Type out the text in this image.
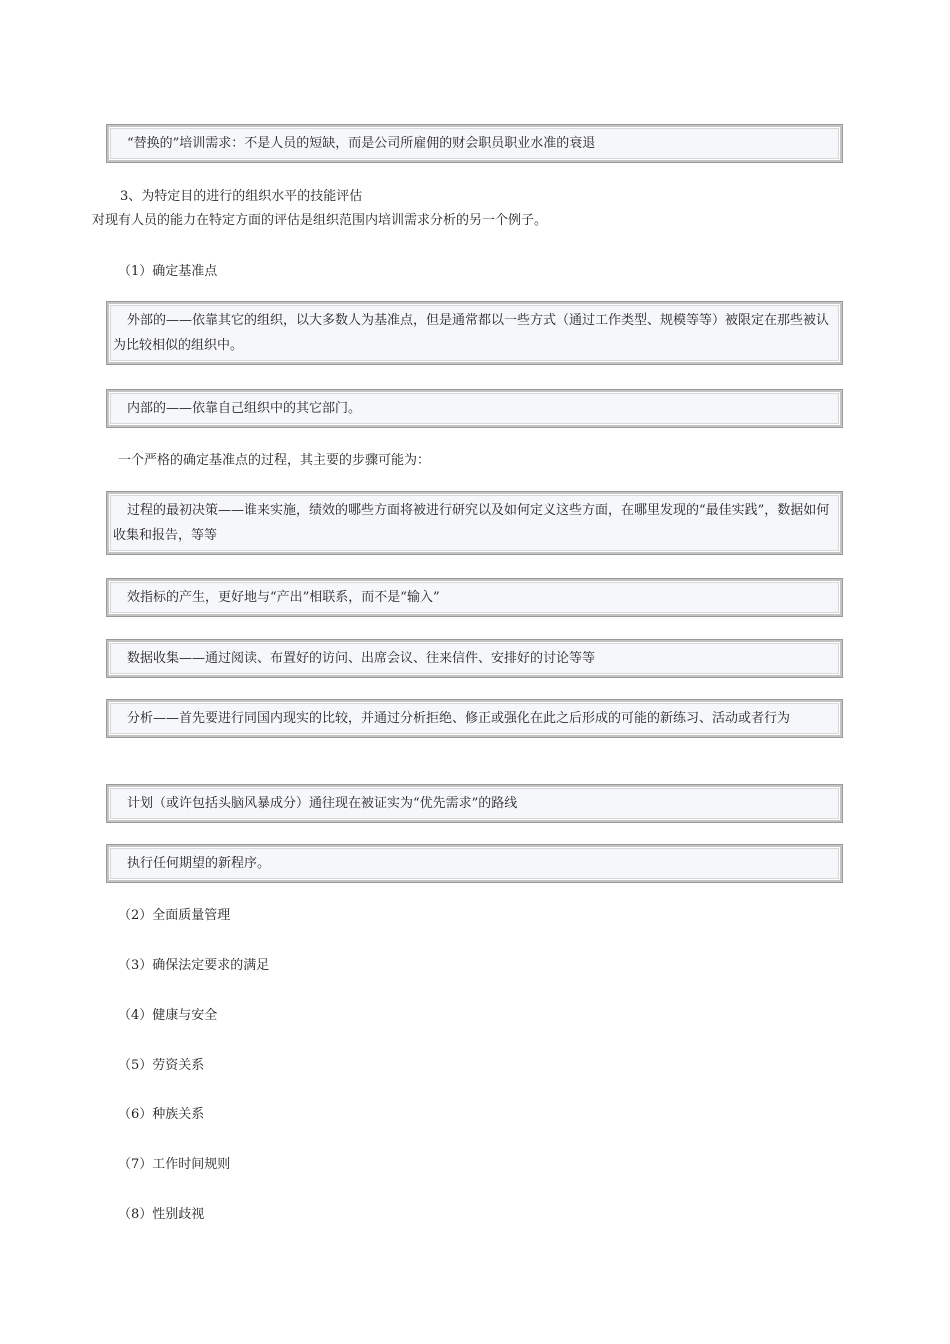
“替换的”培训需求：不是人员的短缺，而是公司所雇佣的财会职员职业水准的衰退
3、为特定目的进行的组织水平的技能评估
对现有人员的能力在特定方面的评估是组织范围内培训需求分析的另一个例子。
（1）确定基准点
外部的——依靠其它的组织，以大多数人为基准点，但是通常都以一些方式（通过工作类型、规模等等）被限定在那些被认为比较相似的组织中。
内部的——依靠自己组织中的其它部门。
一个严格的确定基准点的过程，其主要的步骤可能为：
过程的最初决策——谁来实施，绩效的哪些方面将被进行研究以及如何定义这些方面，在哪里发现的“最佳实践”，数据如何收集和报告，等等
效指标的产生，更好地与“产出”相联系，而不是“输入”
数据收集——通过阅读、布置好的访问、出席会议、往来信件、安排好的讨论等等
分析——首先要进行同国内现实的比较，并通过分析拒绝、修正或强化在此之后形成的可能的新练习、活动或者行为
计划（或许包括头脑风暴成分）通往现在被证实为“优先需求”的路线
执行任何期望的新程序。
（2）全面质量管理
（3）确保法定要求的满足
（4）健康与安全
（5）劳资关系
（6）种族关系
（7）工作时间规则
（8）性别歧视
